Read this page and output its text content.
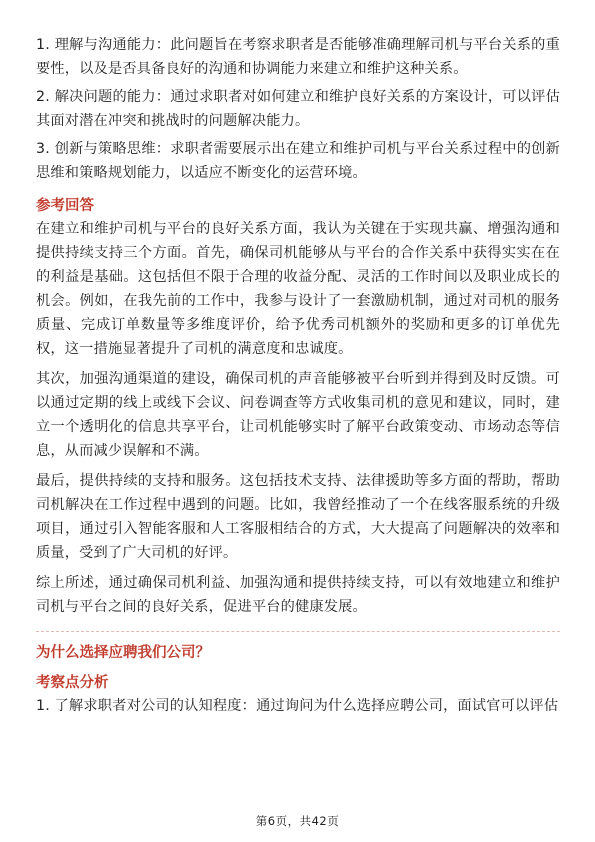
1. 理解与沟通能力：此问题旨在考察求职者是否能够准确理解司机与平台关系的重要性，以及是否具备良好的沟通和协调能力来建立和维护这种关系。

2. 解决问题的能力：通过求职者对如何建立和维护良好关系的方案设计，可以评估其面对潜在冲突和挑战时的问题解决能力。

3. 创新与策略思维：求职者需要展示出在建立和维护司机与平台关系过程中的创新思维和策略规划能力，以适应不断变化的运营环境。

参考回答

在建立和维护司机与平台的良好关系方面，我认为关键在于实现共赢、增强沟通和提供持续支持三个方面。首先，确保司机能够从与平台的合作关系中获得实实在在的利益是基础。这包括但不限于合理的收益分配、灵活的工作时间以及职业成长的机会。例如，在我先前的工作中，我参与设计了一套激励机制，通过对司机的服务质量、完成订单数量等多维度评价，给予优秀司机额外的奖励和更多的订单优先权，这一措施显著提升了司机的满意度和忠诚度。

其次，加强沟通渠道的建设，确保司机的声音能够被平台听到并得到及时反馈。可以通过定期的线上或线下会议、问卷调查等方式收集司机的意见和建议，同时，建立一个透明化的信息共享平台，让司机能够实时了解平台政策变动、市场动态等信息，从而减少误解和不满。

最后，提供持续的支持和服务。这包括技术支持、法律援助等多方面的帮助，帮助司机解决在工作过程中遇到的问题。比如，我曾经推动了一个在线客服系统的升级项目，通过引入智能客服和人工客服相结合的方式，大大提高了问题解决的效率和质量，受到了广大司机的好评。

综上所述，通过确保司机利益、加强沟通和提供持续支持，可以有效地建立和维护司机与平台之间的良好关系，促进平台的健康发展。

为什么选择应聘我们公司？
考察点分析

1. 了解求职者对公司的认知程度：通过询问为什么选择应聘公司，面试官可以评估

第6页，共42页
